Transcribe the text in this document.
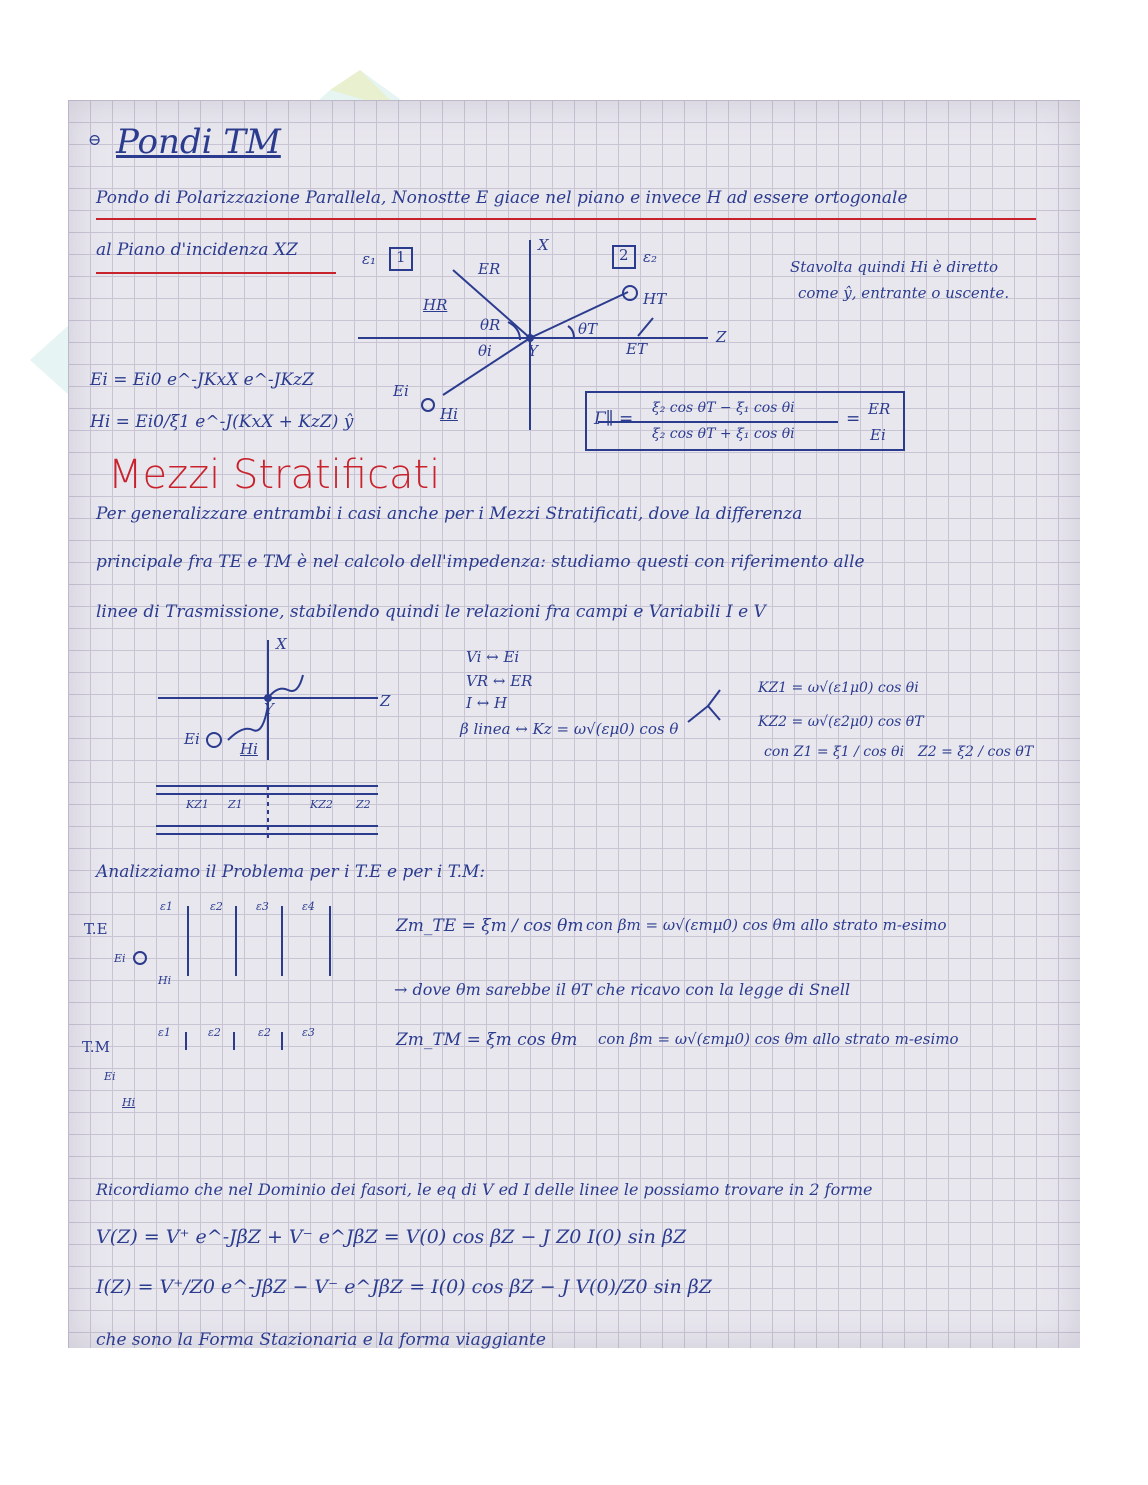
⊖ Pondi TM
Pondo di Polarizzazione Parallela, Nonostte E giace nel piano e invece H ad essere ortogonale
al Piano d'incidenza XZ	ε₁ 1	2 ε₂
X
Z
Y
ER
HR	HT
ET
Ei
Hi
θR
θi
θT
Stavolta quindi Hi è diretto
come ŷ, entrante o uscente.
Ei = Ei0 e^-JKxX e^-JKzZ
Hi = Ei0/ξ1 e^-J(KxX + KzZ) ŷ	Γ∥ =
ξ₂ cos θT − ξ₁ cos θi
ξ₂ cos θT + ξ₁ cos θi
= ER
Ei
Mezzi Stratificati
Per generalizzare entrambi i casi anche per i Mezzi Stratificati, dove la differenza
principale fra TE e TM è nel calcolo dell'impedenza: studiamo questi con riferimento alle
linee di Trasmissione, stabilendo quindi le relazioni fra campi e Variabili I e V
X
Z
Y
Ei
Hi
KZ1 Z1	KZ2 Z2
Vi ↔ Ei
VR ↔ ER
I ↔ H
β linea ↔ Kz = ω√(εμ0) cos θ
KZ1 = ω√(ε1μ0) cos θi
KZ2 = ω√(ε2μ0) cos θT
con Z1 = ξ1 / cos θi Z2 = ξ2 / cos θT
Analizziamo il Problema per i T.E e per i T.M:
T.E
ε1	ε2	ε3	ε4
Ei
Hi
T.M
ε1	ε2	ε2	ε3
Ei
Hi
Zm_TE = ξm / cos θm con βm = ω√(εmμ0) cos θm allo strato m-esimo
→ dove θm sarebbe il θT che ricavo con la legge di Snell
Zm_TM = ξm cos θm con βm = ω√(εmμ0) cos θm allo strato m-esimo
Ricordiamo che nel Dominio dei fasori, le eq di V ed I delle linee le possiamo trovare in 2 forme
V(Z) = V⁺ e^-JβZ + V⁻ e^JβZ = V(0) cos βZ − J Z0 I(0) sin βZ
I(Z) = V⁺/Z0 e^-JβZ − V⁻ e^JβZ = I(0) cos βZ − J V(0)/Z0 sin βZ
che sono la Forma Stazionaria e la forma viaggiante
